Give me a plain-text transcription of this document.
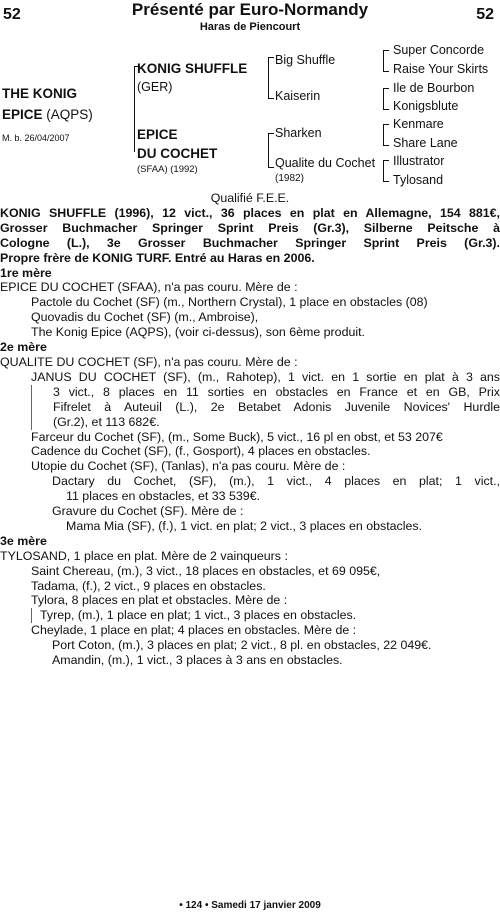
52	52
Présenté par Euro-Normandy
Haras de Piencourt
THE KONIG
EPICE (AQPS)
M. b. 26/04/2007
KONIG SHUFFLE
(GER)
EPICE
DU COCHET
(SFAA) (1992)
Big Shuffle
Kaiserin
Sharken
Qualite du Cochet
(1982)
Super Concorde
Raise Your Skirts
Ile de Bourbon
Konigsblute
Kenmare
Share Lane
Illustrator
Tylosand
Qualifié F.E.E.
KONIG SHUFFLE (1996), 12 vict., 36 places en plat en Allemagne, 154 881€,
Grosser Buchmacher Springer Sprint Preis (Gr.3), Silberne Peitsche à
Cologne (L.), 3e Grosser Buchmacher Springer Sprint Preis (Gr.3).
Propre frère de KONIG TURF. Entré au Haras en 2006.
1re mère
EPICE DU COCHET (SFAA), n'a pas couru. Mère de :
Pactole du Cochet (SF) (m., Northern Crystal), 1 place en obstacles (08)
Quovadis du Cochet (SF) (m., Ambroise),
The Konig Epice (AQPS), (voir ci-dessus), son 6ème produit.
2e mère
QUALITE DU COCHET (SF), n'a pas couru. Mère de :
JANUS DU COCHET (SF), (m., Rahotep), 1 vict. en 1 sortie en plat à 3 ans
3 vict., 8 places en 11 sorties en obstacles en France et en GB, Prix
Fifrelet à Auteuil (L.), 2e Betabet Adonis Juvenile Novices' Hurdle
(Gr.2), et 113 682€.
Farceur du Cochet (SF), (m., Some Buck), 5 vict., 16 pl en obst, et 53 207€
Cadence du Cochet (SF), (f., Gosport), 4 places en obstacles.
Utopie du Cochet (SF), (Tanlas), n'a pas couru. Mère de :
Dactary du Cochet, (SF), (m.), 1 vict., 4 places en plat; 1 vict.,
11 places en obstacles, et 33 539€.
Gravure du Cochet (SF). Mère de :
Mama Mia (SF), (f.), 1 vict. en plat; 2 vict., 3 places en obstacles.
3e mère
TYLOSAND, 1 place en plat. Mère de 2 vainqueurs :
Saint Chereau, (m.), 3 vict., 18 places en obstacles, et 69 095€,
Tadama, (f.), 2 vict., 9 places en obstacles.
Tylora, 8 places en plat et obstacles. Mère de :
Tyrep, (m.), 1 place en plat; 1 vict., 3 places en obstacles.
Cheylade, 1 place en plat; 4 places en obstacles. Mère de :
Port Coton, (m.), 3 places en plat; 2 vict., 8 pl. en obstacles, 22 049€.
Amandin, (m.), 1 vict., 3 places à 3 ans en obstacles.
• 124 • Samedi 17 janvier 2009
